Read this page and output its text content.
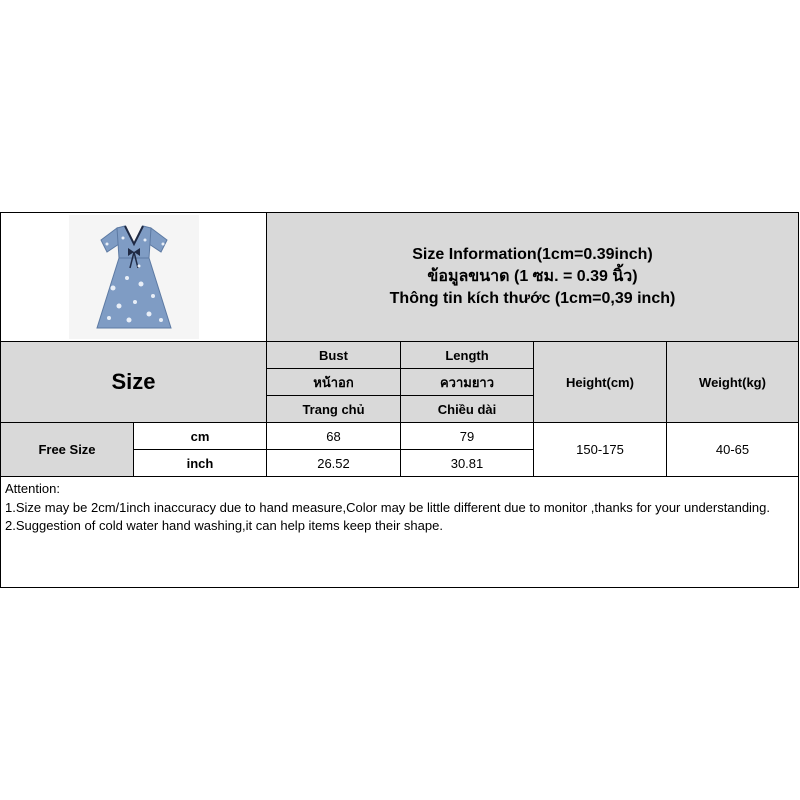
Size Information(1cm=0.39inch)
ข้อมูลขนาด (1 ซม. = 0.39 นิ้ว)
Thông tin kích thước (1cm=0,39 inch)
Size
Bust
หน้าอก
Trang chủ
Length
ความยาว
Chiều dài
Height(cm)	Weight(kg)
Free Size
cm
inch
68
26.52
79
30.81
150-175	40-65
Attention:
1.Size may be 2cm/1inch inaccuracy due to hand measure,Color may be little different due to monitor ,thanks for your understanding.
2.Suggestion of cold water hand washing,it can help items keep their shape.
